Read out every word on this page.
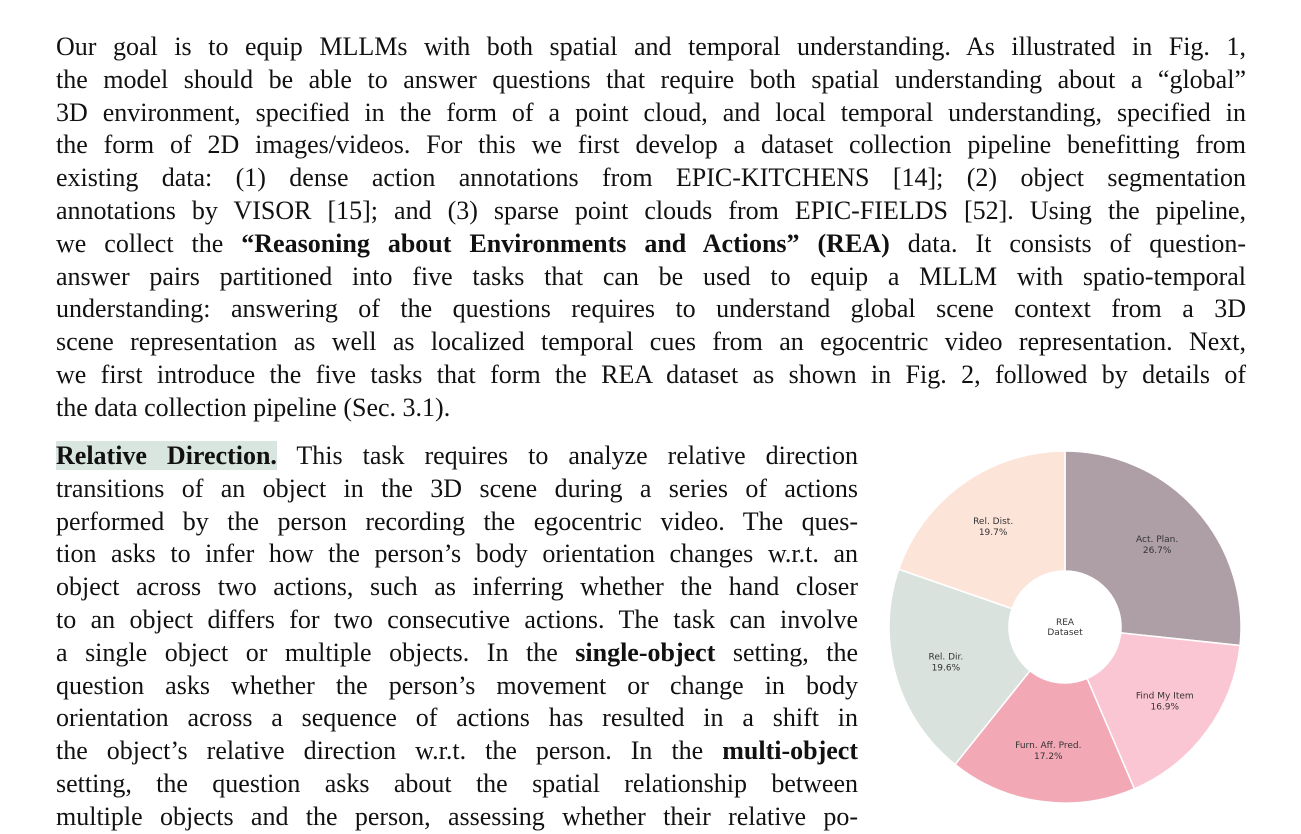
Our goal is to equip MLLMs with both spatial and temporal understanding. As illustrated in Fig. 1,
the model should be able to answer questions that require both spatial understanding about a “global”
3D environment, specified in the form of a point cloud, and local temporal understanding, specified in
the form of 2D images/videos. For this we first develop a dataset collection pipeline benefitting from
existing data: (1) dense action annotations from EPIC-KITCHENS [14]; (2) object segmentation
annotations by VISOR [15]; and (3) sparse point clouds from EPIC-FIELDS [52]. Using the pipeline,
we collect the “Reasoning about Environments and Actions” (REA) data. It consists of question-
answer pairs partitioned into five tasks that can be used to equip a MLLM with spatio-temporal
understanding: answering of the questions requires to understand global scene context from a 3D
scene representation as well as localized temporal cues from an egocentric video representation. Next,
we first introduce the five tasks that form the REA dataset as shown in Fig. 2, followed by details of
the data collection pipeline (Sec. 3.1).
Relative Direction. This task requires to analyze relative direction
transitions of an object in the 3D scene during a series of actions
performed by the person recording the egocentric video. The ques-
tion asks to infer how the person’s body orientation changes w.r.t. an
object across two actions, such as inferring whether the hand closer
to an object differs for two consecutive actions. The task can involve
a single object or multiple objects. In the single-object setting, the
question asks whether the person’s movement or change in body
orientation across a sequence of actions has resulted in a shift in
the object’s relative direction w.r.t. the person. In the multi-object
setting, the question asks about the spatial relationship between
multiple objects and the person, assessing whether their relative po-
Act. Plan. 26.7%
Find My Item 16.9%
Furn. Aff. Pred. 17.2%
Rel. Dir. 19.6%
Rel. Dist. 19.7%
REA Dataset
